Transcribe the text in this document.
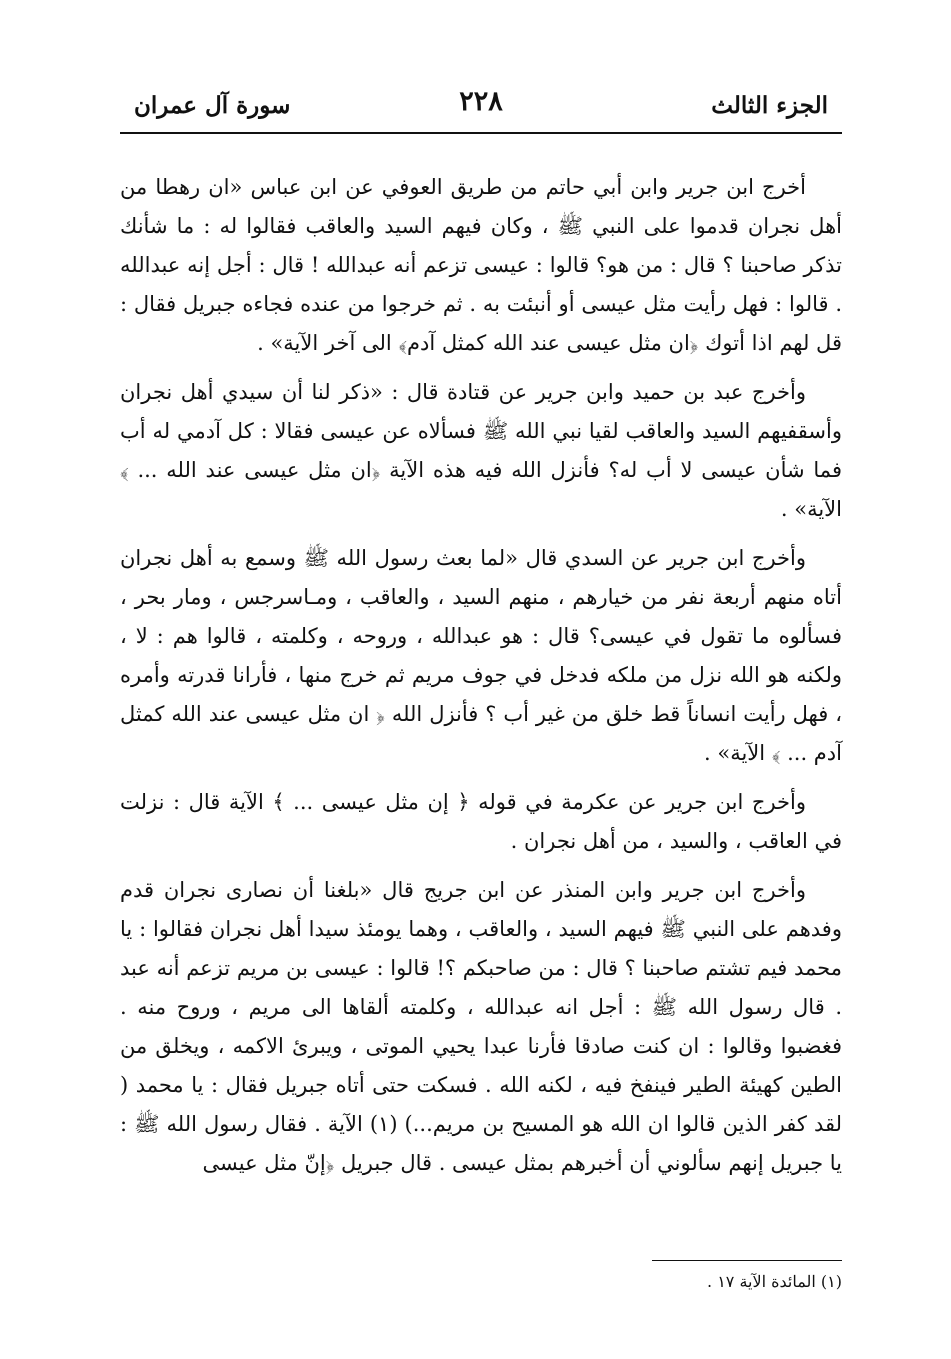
الجزء الثالث
٢٢٨
سورة آل عمران

أخرج ابن جرير وابن أبي حاتم من طريق العوفي عن ابن عباس «ان رهطا من أهل نجران قدموا على النبي ﷺ ، وكان فيهم السيد والعاقب فقالوا له : ما شأنك تذكر صاحبنا ؟ قال : من هو؟ قالوا : عيسى تزعم أنه عبدالله ! قال : أجل إنه عبدالله . قالوا : فهل رأيت مثل عيسى أو أنبئت به . ثم خرجوا من عنده فجاءه جبريل فقال : قل لهم اذا أتوك ﴿ان مثل عيسى عند الله كمثل آدم﴾ الى آخر الآية» .

وأخرج عبد بن حميد وابن جرير عن قتادة قال : «ذكر لنا أن سيدي أهل نجران وأسقفيهم السيد والعاقب لقيا نبي الله ﷺ فسألاه عن عيسى فقالا : كل آدمي له أب فما شأن عيسى لا أب له؟ فأنزل الله فيه هذه الآية ﴿ان مثل عيسى عند الله ... ﴾ الآية» .

وأخرج ابن جرير عن السدي قال «لما بعث رسول الله ﷺ وسمع به أهل نجران أتاه منهم أربعة نفر من خيارهم ، منهم السيد ، والعاقب ، ومـاسرجس ، ومار بحر ، فسألوه ما تقول في عيسى؟ قال : هو عبدالله ، وروحه ، وكلمته ، قالوا هم : لا ، ولكنه هو الله نزل من ملكه فدخل في جوف مريم ثم خرج منها ، فأرانا قدرته وأمره ، فهل رأيت انساناً قط خلق من غير أب ؟ فأنزل الله ﴿ ان مثل عيسى عند الله كمثل آدم ... ﴾ الآية» .

وأخرج ابن جرير عن عكرمة في قوله ﴿ إن مثل عيسى ... ﴾ الآية قال : نزلت في العاقب ، والسيد ، من أهل نجران .

وأخرج ابن جرير وابن المنذر عن ابن جريج قال «بلغنا أن نصارى نجران قدم وفدهم على النبي ﷺ فيهم السيد ، والعاقب ، وهما يومئذ سيدا أهل نجران فقالوا : يا محمد فيم تشتم صاحبنا ؟ قال : من صاحبكم ؟! قالوا : عيسى بن مريم تزعم أنه عبد . قال رسول الله ﷺ : أجل انه عبدالله ، وكلمته ألقاها الى مريم ، وروح منه . فغضبوا وقالوا : ان كنت صادقا فأرنا عبدا يحيي الموتى ، ويبرئ الاكمه ، ويخلق من الطين كهيئة الطير فينفخ فيه ، لكنه الله . فسكت حتى أتاه جبريل فقال : يا محمد ( لقد كفر الذين قالوا ان الله هو المسيح بن مريم...) (١) الآية . فقال رسول الله ﷺ : يا جبريل إنهم سألوني أن أخبرهم بمثل عيسى . قال جبريل ﴿إنّ مثل عيسى

(١) المائدة الآية ١٧ .
